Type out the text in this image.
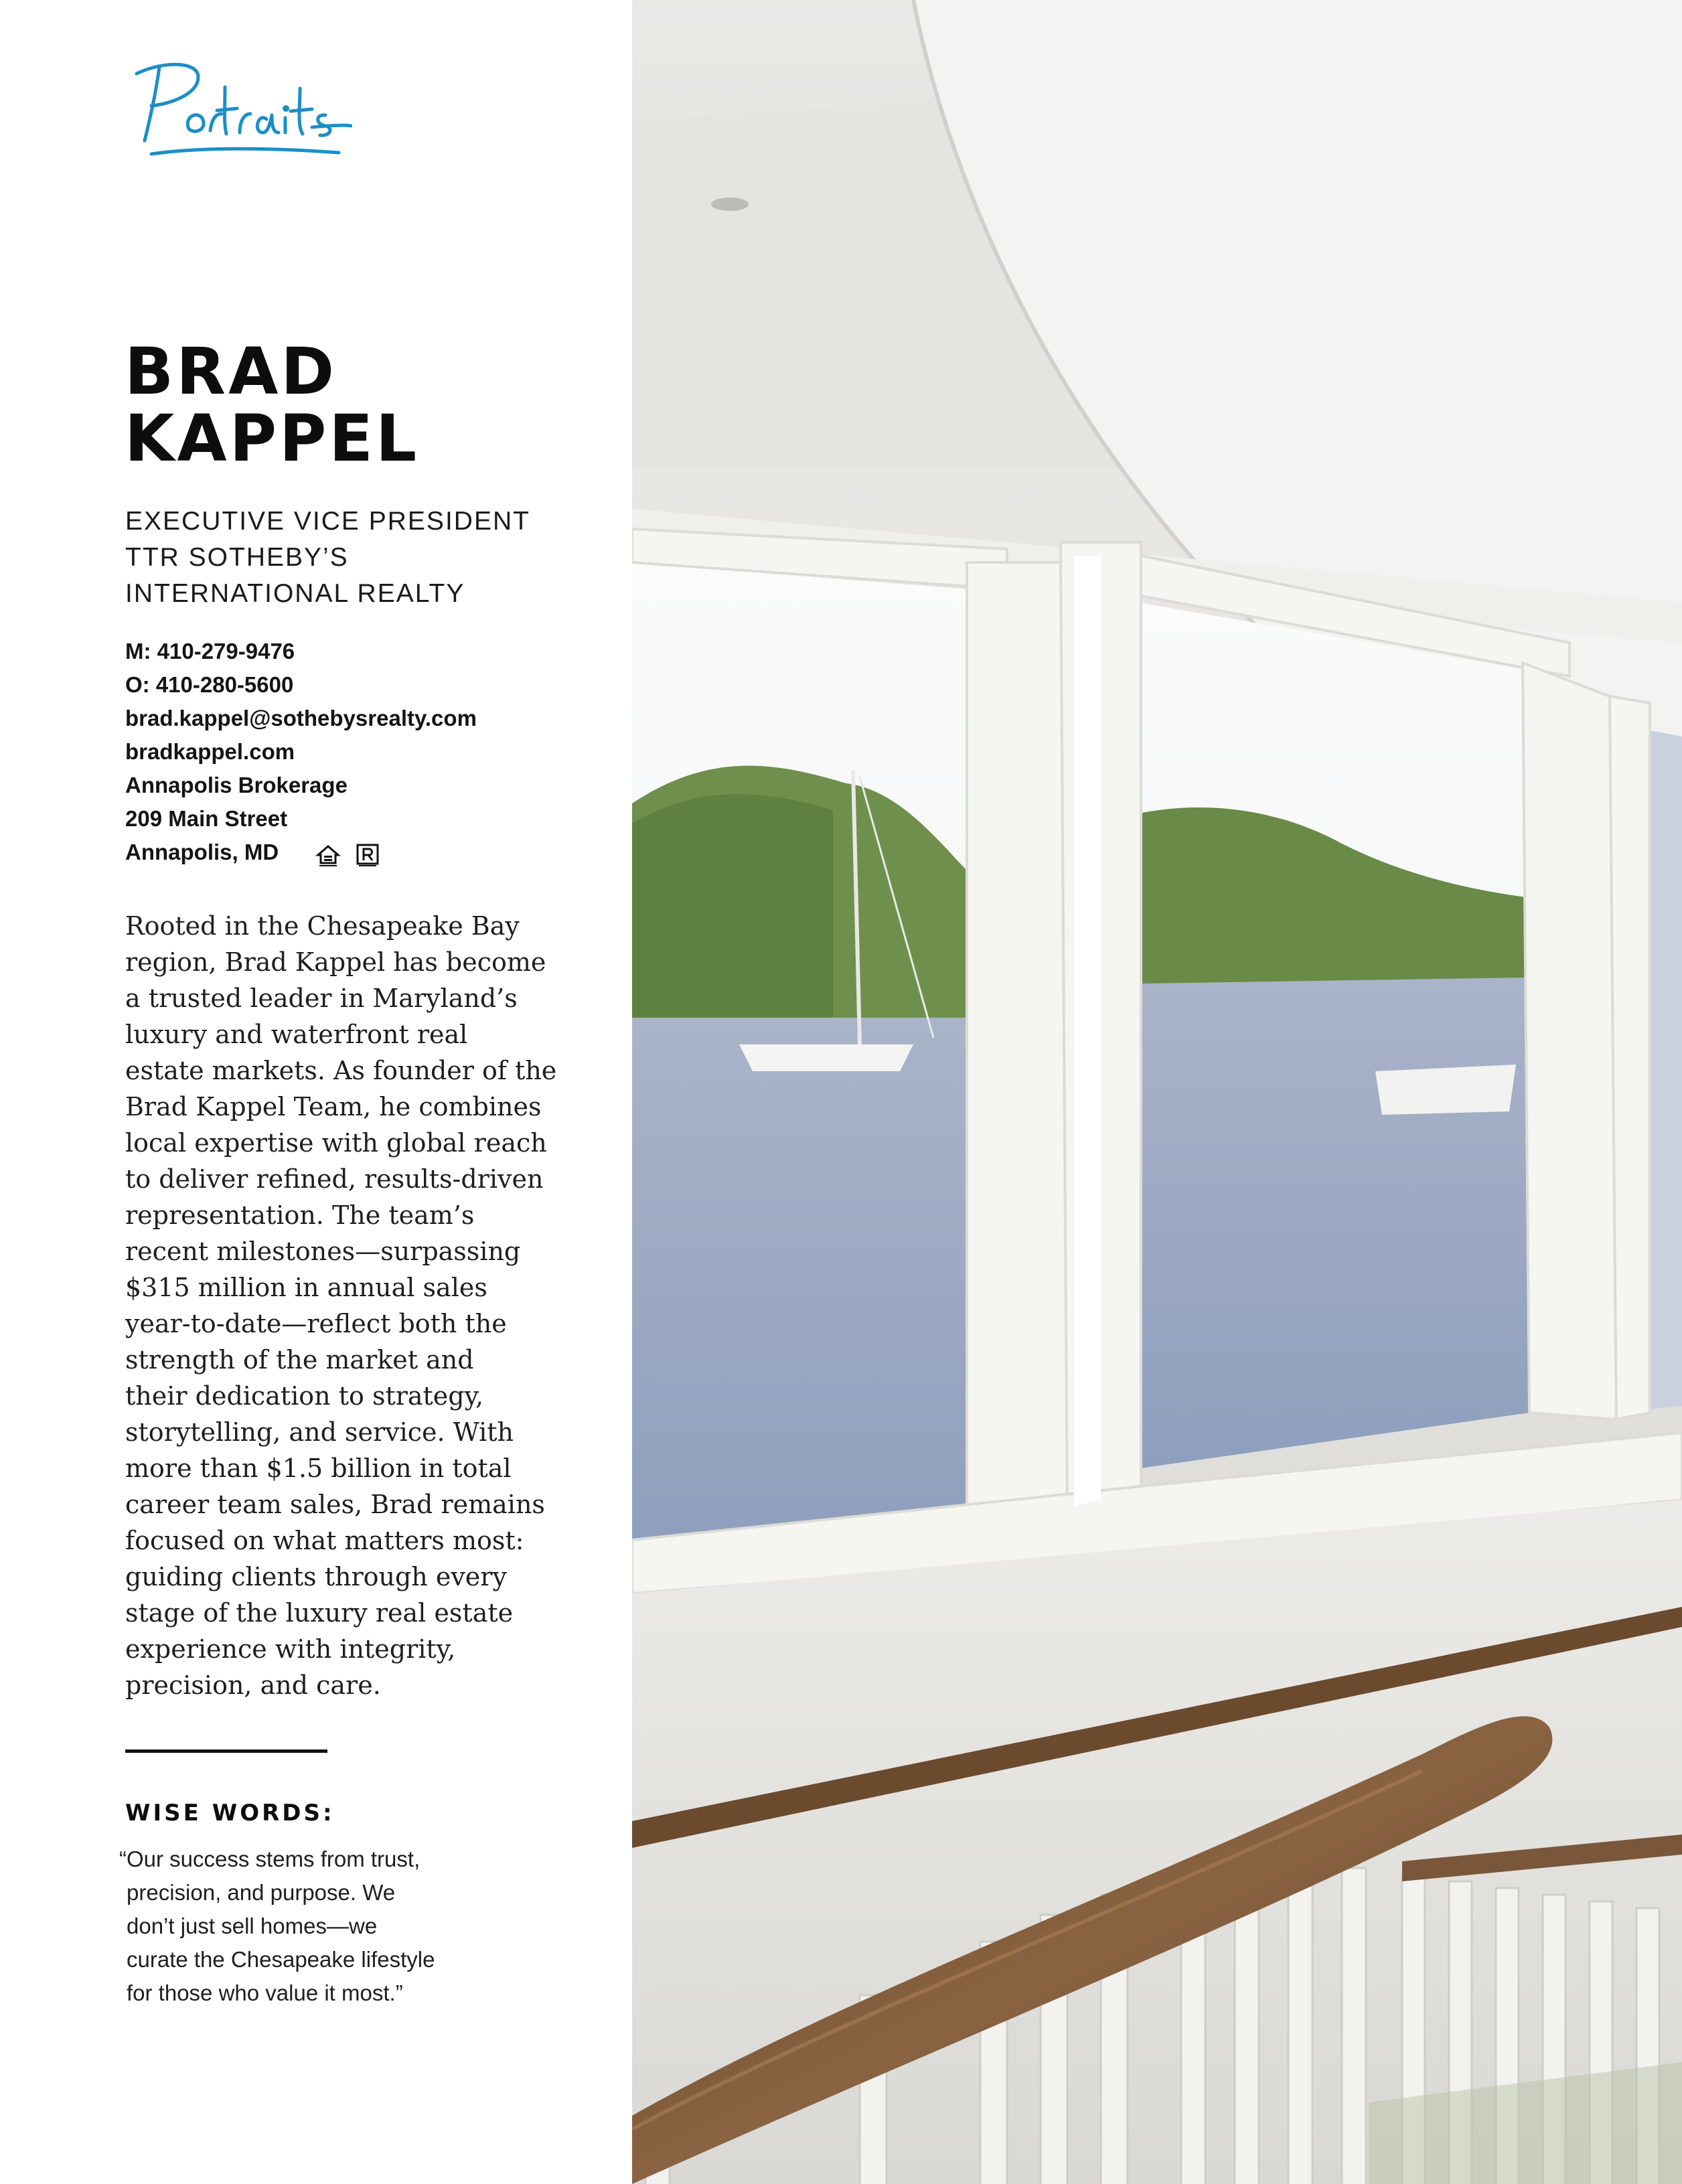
BRAD
KAPPEL
EXECUTIVE VICE PRESIDENT
TTR SOTHEBY’S
INTERNATIONAL REALTY
M: 410-279-9476
O: 410-280-5600
brad.kappel@sothebysrealty.com
bradkappel.com
Annapolis Brokerage
209 Main Street
Annapolis, MD
Rooted in the Chesapeake Bay
region, Brad Kappel has become
a trusted leader in Maryland’s
luxury and waterfront real
estate markets. As founder of the
Brad Kappel Team, he combines
local expertise with global reach
to deliver refined, results-driven
representation. The team’s
recent milestones—surpassing
$315 million in annual sales
year-to-date—reflect both the
strength of the market and
their dedication to strategy,
storytelling, and service. With
more than $1.5 billion in total
career team sales, Brad remains
focused on what matters most:
guiding clients through every
stage of the luxury real estate
experience with integrity,
precision, and care.
WISE WORDS:
“Our success stems from trust,
precision, and purpose. We
don’t just sell homes—we
curate the Chesapeake lifestyle
for those who value it most.”
